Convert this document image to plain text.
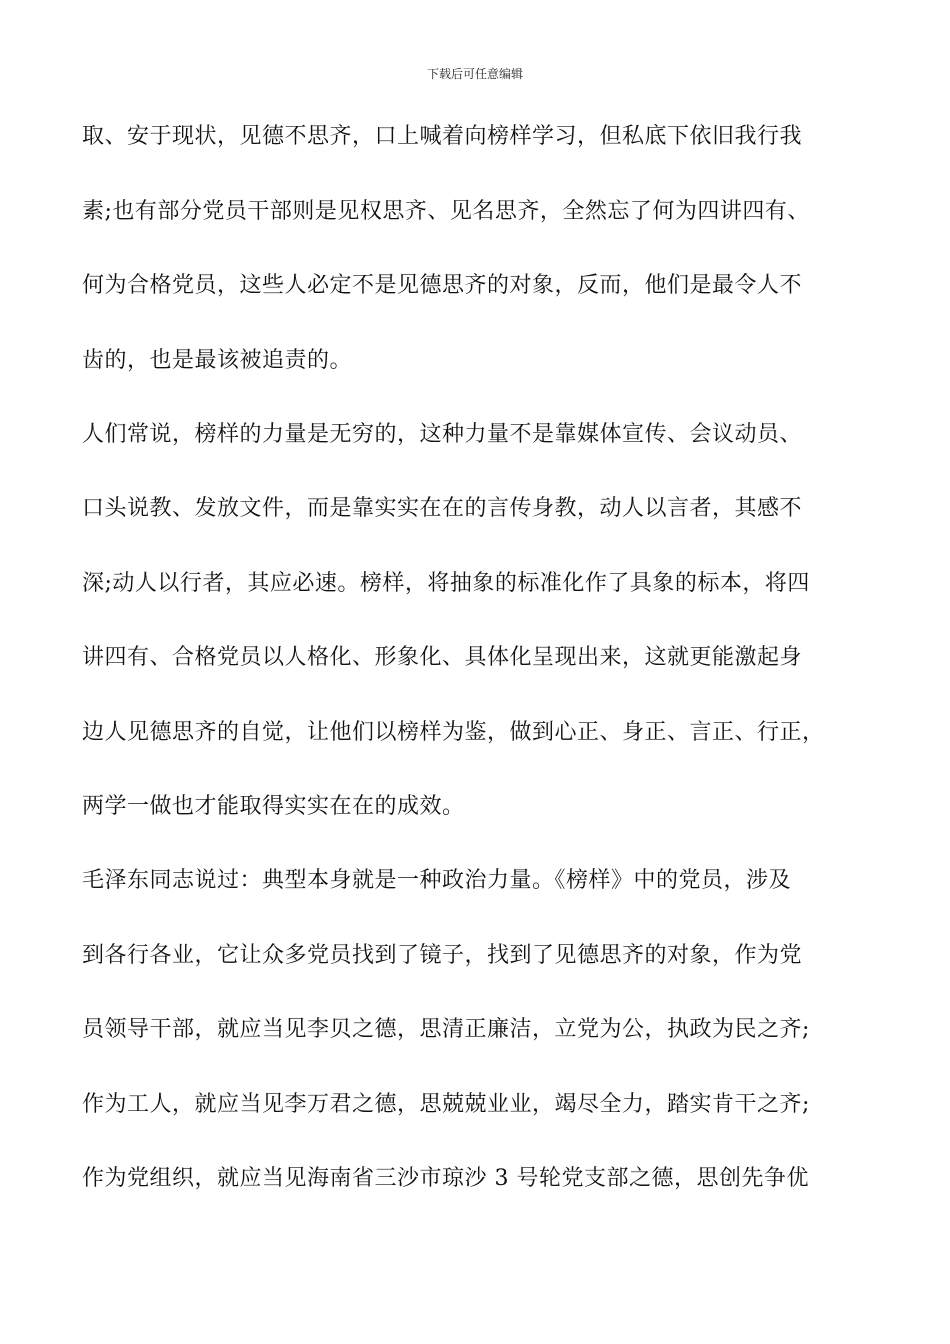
下载后可任意编辑
取、安于现状，见德不思齐，口上喊着向榜样学习，但私底下依旧我行我
素;也有部分党员干部则是见权思齐、见名思齐，全然忘了何为四讲四有、
何为合格党员，这些人必定不是见德思齐的对象，反而，他们是最令人不
齿的，也是最该被追责的。
人们常说，榜样的力量是无穷的，这种力量不是靠媒体宣传、会议动员、
口头说教、发放文件，而是靠实实在在的言传身教，动人以言者，其感不
深;动人以行者，其应必速。榜样，将抽象的标准化作了具象的标本，将四
讲四有、合格党员以人格化、形象化、具体化呈现出来，这就更能激起身
边人见德思齐的自觉，让他们以榜样为鉴，做到心正、身正、言正、行正，
两学一做也才能取得实实在在的成效。
毛泽东同志说过：典型本身就是一种政治力量。《榜样》中的党员，涉及
到各行各业，它让众多党员找到了镜子，找到了见德思齐的对象，作为党
员领导干部，就应当见李贝之德，思清正廉洁，立党为公，执政为民之齐;
作为工人，就应当见李万君之德，思兢兢业业，竭尽全力，踏实肯干之齐;
作为党组织，就应当见海南省三沙市琼沙 3 号轮党支部之德，思创先争优
